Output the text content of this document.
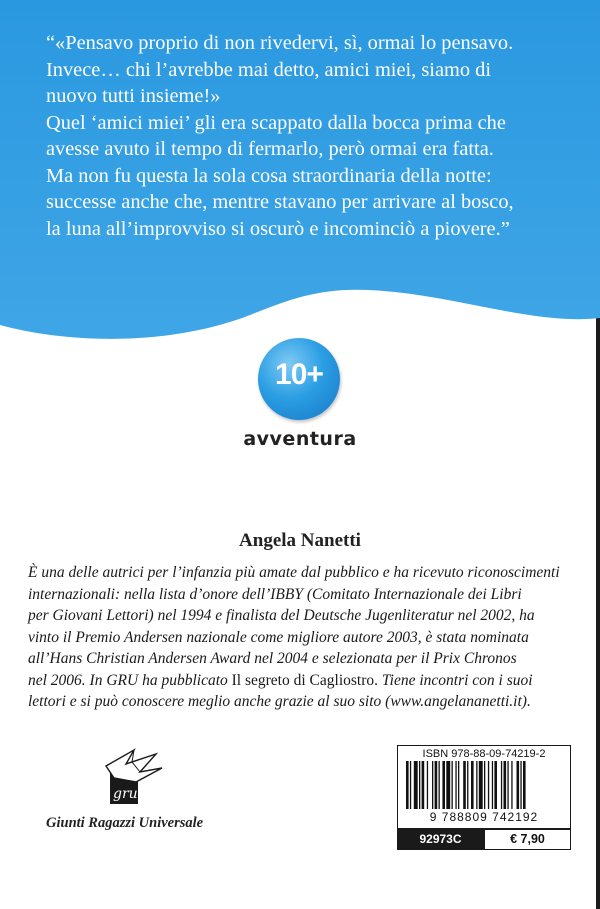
“«Pensavo proprio di non rivedervi, sì, ormai lo pensavo.
Invece… chi l’avrebbe mai detto, amici miei, siamo di
nuovo tutti insieme!»
Quel ‘amici miei’ gli era scappato dalla bocca prima che
avesse avuto il tempo di fermarlo, però ormai era fatta.
Ma non fu questa la sola cosa straordinaria della notte:
successe anche che, mentre stavano per arrivare al bosco,
la luna all’improvviso si oscurò e incominciò a piovere.”
10+
avventura
Angela Nanetti
È una delle autrici per l’infanzia più amate dal pubblico e ha ricevuto riconoscimenti
internazionali: nella lista d’onore dell’IBBY (Comitato Internazionale dei Libri
per Giovani Lettori) nel 1994 e finalista del Deutsche Jugenliteratur nel 2002, ha
vinto il Premio Andersen nazionale come migliore autore 2003, è stata nominata
all’Hans Christian Andersen Award nel 2004 e selezionata per il Prix Chronos
nel 2006. In GRU ha pubblicato Il segreto di Cagliostro. Tiene incontri con i suoi
lettori e si può conoscere meglio anche grazie al suo sito (www.angelananetti.it).
gru
Giunti Ragazzi Universale
ISBN 978-88-09-74219-2
9 788809 742192
92973C	€ 7,90
